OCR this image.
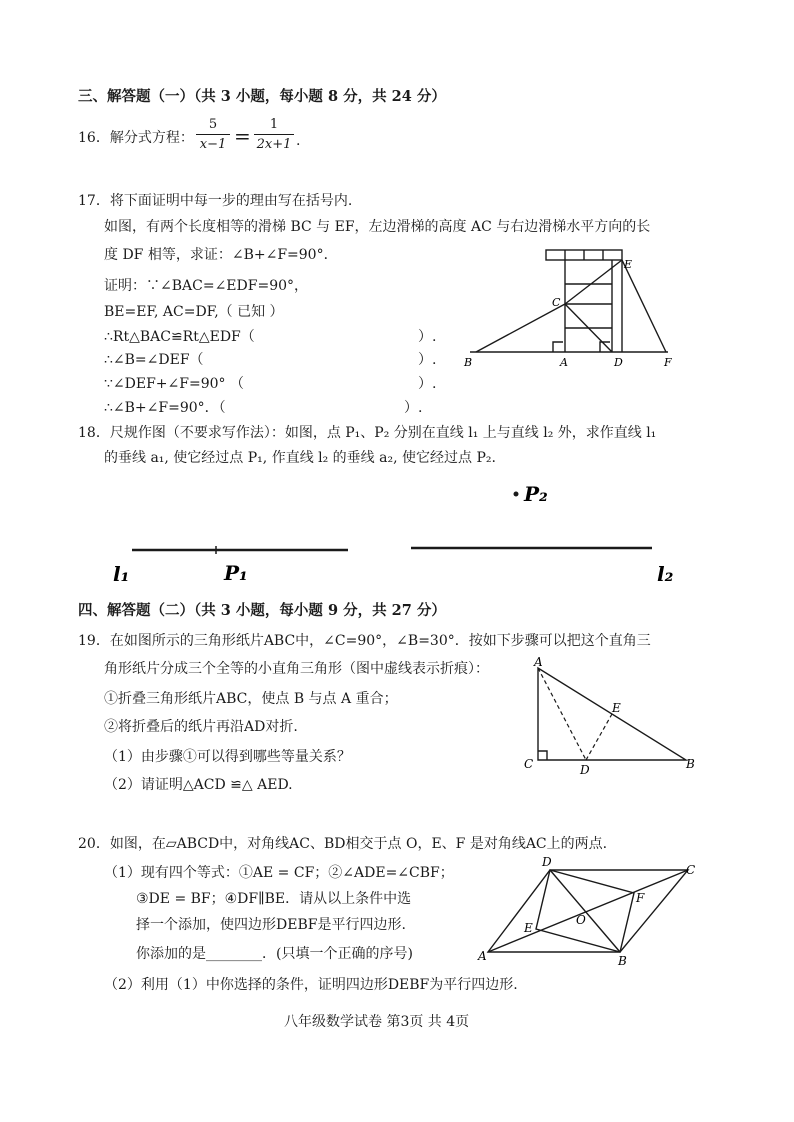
三、解答题（一）（共 3 小题，每小题 8 分，共 24 分）
16．解分式方程：
5
x−1 =	1
2x+1 .
17．将下面证明中每一步的理由写在括号内.
如图，有两个长度相等的滑梯 BC 与 EF，左边滑梯的高度 AC 与右边滑梯水平方向的长
度 DF 相等，求证：∠B+∠F=90°．
证明：∵∠BAC=∠EDF=90°，
BE=EF, AC=DF,（ 已知 ）
∴Rt△BAC≌Rt△EDF（	）.
∴∠B=∠DEF（	）.
∵∠DEF+∠F=90° （	）.
∴∠B+∠F=90°．（	）.
B	A	D	F
C
E
18．尺规作图（不要求写作法）：如图，点 P₁、P₂ 分别在直线 l₁ 上与直线 l₂ 外，求作直线 l₁
的垂线 a₁, 使它经过点 P₁, 作直线 l₂ 的垂线 a₂, 使它经过点 P₂.
P₂
l₁	P₁	l₂
四、解答题（二）（共 3 小题，每小题 9 分，共 27 分）
19．在如图所示的三角形纸片ABC中，∠C=90°，∠B=30°．按如下步骤可以把这个直角三
角形纸片分成三个全等的小直角三角形（图中虚线表示折痕）：
①折叠三角形纸片ABC，使点 B 与点 A 重合；
②将折叠后的纸片再沿AD对折.
（1）由步骤①可以得到哪些等量关系？
（2）请证明△ACD ≌△ AED.
A
E
C	D	B
20．如图，在▱ABCD中，对角线AC、BD相交于点 O，E、F 是对角线AC上的两点.
（1）现有四个等式：①AE = CF；②∠ADE=∠CBF；
③DE = BF；④DF∥BE．请从以上条件中选
择一个添加，使四边形DEBF是平行四边形.
你添加的是________．(只填一个正确的序号)
（2）利用（1）中你选择的条件，证明四边形DEBF为平行四边形.
D
C
F
E
O
A	B
八年级数学试卷 第3页 共 4页
